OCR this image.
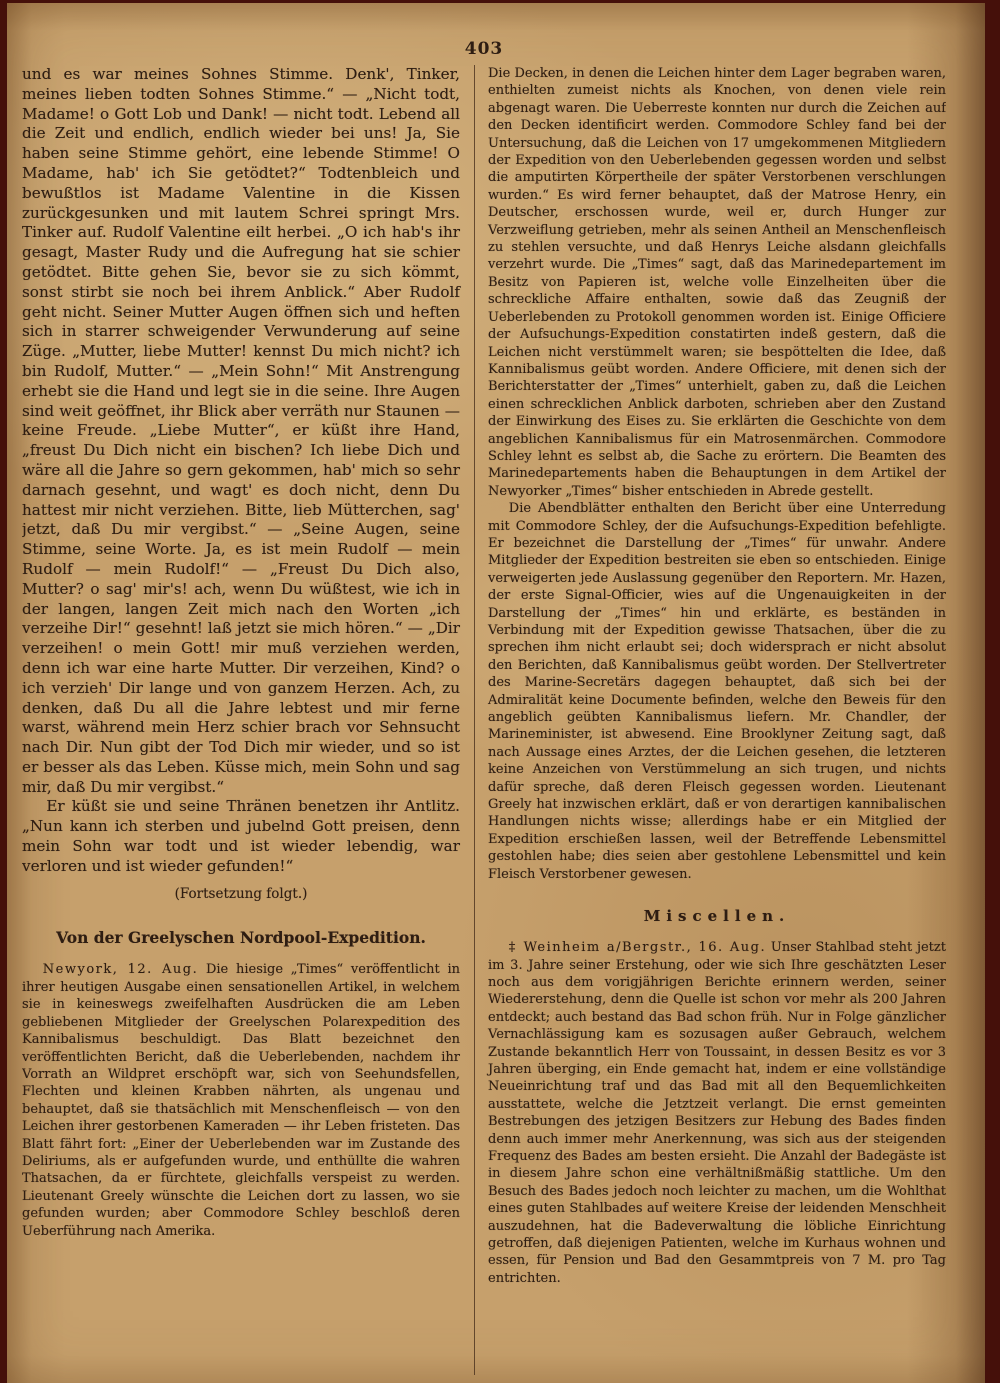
403

und es war meines Sohnes Stimme. Denk', Tinker, meines lieben todten Sohnes Stimme.“ — „Nicht todt, Madame! o Gott Lob und Dank! — nicht todt. Lebend all die Zeit und endlich, endlich wieder bei uns! Ja, Sie haben seine Stimme gehört, eine lebende Stimme! O Madame, hab' ich Sie getödtet?“ Todtenbleich und bewußtlos ist Madame Valentine in die Kissen zurückgesunken und mit lautem Schrei springt Mrs. Tinker auf. Rudolf Valentine eilt herbei. „O ich hab's ihr gesagt, Master Rudy und die Aufregung hat sie schier getödtet. Bitte gehen Sie, bevor sie zu sich kömmt, sonst stirbt sie noch bei ihrem Anblick.“ Aber Rudolf geht nicht. Seiner Mutter Augen öffnen sich und heften sich in starrer schweigender Verwunderung auf seine Züge. „Mutter, liebe Mutter! kennst Du mich nicht? ich bin Rudolf, Mutter.“ — „Mein Sohn!“ Mit Anstrengung erhebt sie die Hand und legt sie in die seine. Ihre Augen sind weit geöffnet, ihr Blick aber verräth nur Staunen — keine Freude. „Liebe Mutter“, er küßt ihre Hand, „freust Du Dich nicht ein bischen? Ich liebe Dich und wäre all die Jahre so gern gekommen, hab' mich so sehr darnach gesehnt, und wagt' es doch nicht, denn Du hattest mir nicht verziehen. Bitte, lieb Mütterchen, sag' jetzt, daß Du mir vergibst.“ — „Seine Augen, seine Stimme, seine Worte. Ja, es ist mein Rudolf — mein Rudolf — mein Rudolf!“ — „Freust Du Dich also, Mutter? o sag' mir's! ach, wenn Du wüßtest, wie ich in der langen, langen Zeit mich nach den Worten „ich verzeihe Dir!“ gesehnt! laß jetzt sie mich hören.“ — „Dir verzeihen! o mein Gott! mir muß verziehen werden, denn ich war eine harte Mutter. Dir verzeihen, Kind? o ich verzieh' Dir lange und von ganzem Herzen. Ach, zu denken, daß Du all die Jahre lebtest und mir ferne warst, während mein Herz schier brach vor Sehnsucht nach Dir. Nun gibt der Tod Dich mir wieder, und so ist er besser als das Leben. Küsse mich, mein Sohn und sag mir, daß Du mir vergibst.“

Er küßt sie und seine Thränen benetzen ihr Antlitz. „Nun kann ich sterben und jubelnd Gott preisen, denn mein Sohn war todt und ist wieder lebendig, war verloren und ist wieder gefunden!“

(Fortsetzung folgt.)

Von der Greelyschen Nordpool-Expedition.

Newyork, 12. Aug. Die hiesige „Times“ veröffentlicht in ihrer heutigen Ausgabe einen sensationellen Artikel, in welchem sie in keineswegs zweifelhaften Ausdrücken die am Leben gebliebenen Mitglieder der Greelyschen Polarexpedition des Kannibalismus beschuldigt. Das Blatt bezeichnet den veröffentlichten Bericht, daß die Ueberlebenden, nachdem ihr Vorrath an Wildpret erschöpft war, sich von Seehundsfellen, Flechten und kleinen Krabben nährten, als ungenau und behauptet, daß sie thatsächlich mit Menschenfleisch — von den Leichen ihrer gestorbenen Kameraden — ihr Leben fristeten. Das Blatt fährt fort: „Einer der Ueberlebenden war im Zustande des Deliriums, als er aufgefunden wurde, und enthüllte die wahren Thatsachen, da er fürchtete, gleichfalls verspeist zu werden. Lieutenant Greely wünschte die Leichen dort zu lassen, wo sie gefunden wurden; aber Commodore Schley beschloß deren Ueberführung nach Amerika.

Die Decken, in denen die Leichen hinter dem Lager begraben waren, enthielten zumeist nichts als Knochen, von denen viele rein abgenagt waren. Die Ueberreste konnten nur durch die Zeichen auf den Decken identificirt werden. Commodore Schley fand bei der Untersuchung, daß die Leichen von 17 umgekommenen Mitgliedern der Expedition von den Ueberlebenden gegessen worden und selbst die amputirten Körpertheile der später Verstorbenen verschlungen wurden.“ Es wird ferner behauptet, daß der Matrose Henry, ein Deutscher, erschossen wurde, weil er, durch Hunger zur Verzweiflung getrieben, mehr als seinen Antheil an Menschenfleisch zu stehlen versuchte, und daß Henrys Leiche alsdann gleichfalls verzehrt wurde. Die „Times“ sagt, daß das Marinedepartement im Besitz von Papieren ist, welche volle Einzelheiten über die schreckliche Affaire enthalten, sowie daß das Zeugniß der Ueberlebenden zu Protokoll genommen worden ist. Einige Officiere der Aufsuchungs-Expedition constatirten indeß gestern, daß die Leichen nicht verstümmelt waren; sie bespöttelten die Idee, daß Kannibalismus geübt worden. Andere Officiere, mit denen sich der Berichterstatter der „Times“ unterhielt, gaben zu, daß die Leichen einen schrecklichen Anblick darboten, schrieben aber den Zustand der Einwirkung des Eises zu. Sie erklärten die Geschichte von dem angeblichen Kannibalismus für ein Matrosenmärchen. Commodore Schley lehnt es selbst ab, die Sache zu erörtern. Die Beamten des Marinedepartements haben die Behauptungen in dem Artikel der Newyorker „Times“ bisher entschieden in Abrede gestellt.

Die Abendblätter enthalten den Bericht über eine Unterredung mit Commodore Schley, der die Aufsuchungs-Expedition befehligte. Er bezeichnet die Darstellung der „Times“ für unwahr. Andere Mitglieder der Expedition bestreiten sie eben so entschieden. Einige verweigerten jede Auslassung gegenüber den Reportern. Mr. Hazen, der erste Signal-Officier, wies auf die Ungenauigkeiten in der Darstellung der „Times“ hin und erklärte, es beständen in Verbindung mit der Expedition gewisse Thatsachen, über die zu sprechen ihm nicht erlaubt sei; doch widersprach er nicht absolut den Berichten, daß Kannibalismus geübt worden. Der Stellvertreter des Marine-Secretärs dagegen behauptet, daß sich bei der Admiralität keine Documente befinden, welche den Beweis für den angeblich geübten Kannibalismus liefern. Mr. Chandler, der Marineminister, ist abwesend. Eine Brooklyner Zeitung sagt, daß nach Aussage eines Arztes, der die Leichen gesehen, die letzteren keine Anzeichen von Verstümmelung an sich trugen, und nichts dafür spreche, daß deren Fleisch gegessen worden. Lieutenant Greely hat inzwischen erklärt, daß er von derartigen kannibalischen Handlungen nichts wisse; allerdings habe er ein Mitglied der Expedition erschießen lassen, weil der Betreffende Lebensmittel gestohlen habe; dies seien aber gestohlene Lebensmittel und kein Fleisch Verstorbener gewesen.

Miscellen.

‡ Weinheim a/Bergstr., 16. Aug. Unser Stahlbad steht jetzt im 3. Jahre seiner Erstehung, oder wie sich Ihre geschätzten Leser noch aus dem vorigjährigen Berichte erinnern werden, seiner Wiedererstehung, denn die Quelle ist schon vor mehr als 200 Jahren entdeckt; auch bestand das Bad schon früh. Nur in Folge gänzlicher Vernachlässigung kam es sozusagen außer Gebrauch, welchem Zustande bekanntlich Herr von Toussaint, in dessen Besitz es vor 3 Jahren überging, ein Ende gemacht hat, indem er eine vollständige Neueinrichtung traf und das Bad mit all den Bequemlichkeiten ausstattete, welche die Jetztzeit verlangt. Die ernst gemeinten Bestrebungen des jetzigen Besitzers zur Hebung des Bades finden denn auch immer mehr Anerkennung, was sich aus der steigenden Frequenz des Bades am besten ersieht. Die Anzahl der Badegäste ist in diesem Jahre schon eine verhältnißmäßig stattliche. Um den Besuch des Bades jedoch noch leichter zu machen, um die Wohlthat eines guten Stahlbades auf weitere Kreise der leidenden Menschheit auszudehnen, hat die Badeverwaltung die löbliche Einrichtung getroffen, daß diejenigen Patienten, welche im Kurhaus wohnen und essen, für Pension und Bad den Gesammtpreis von 7 M. pro Tag entrichten.
